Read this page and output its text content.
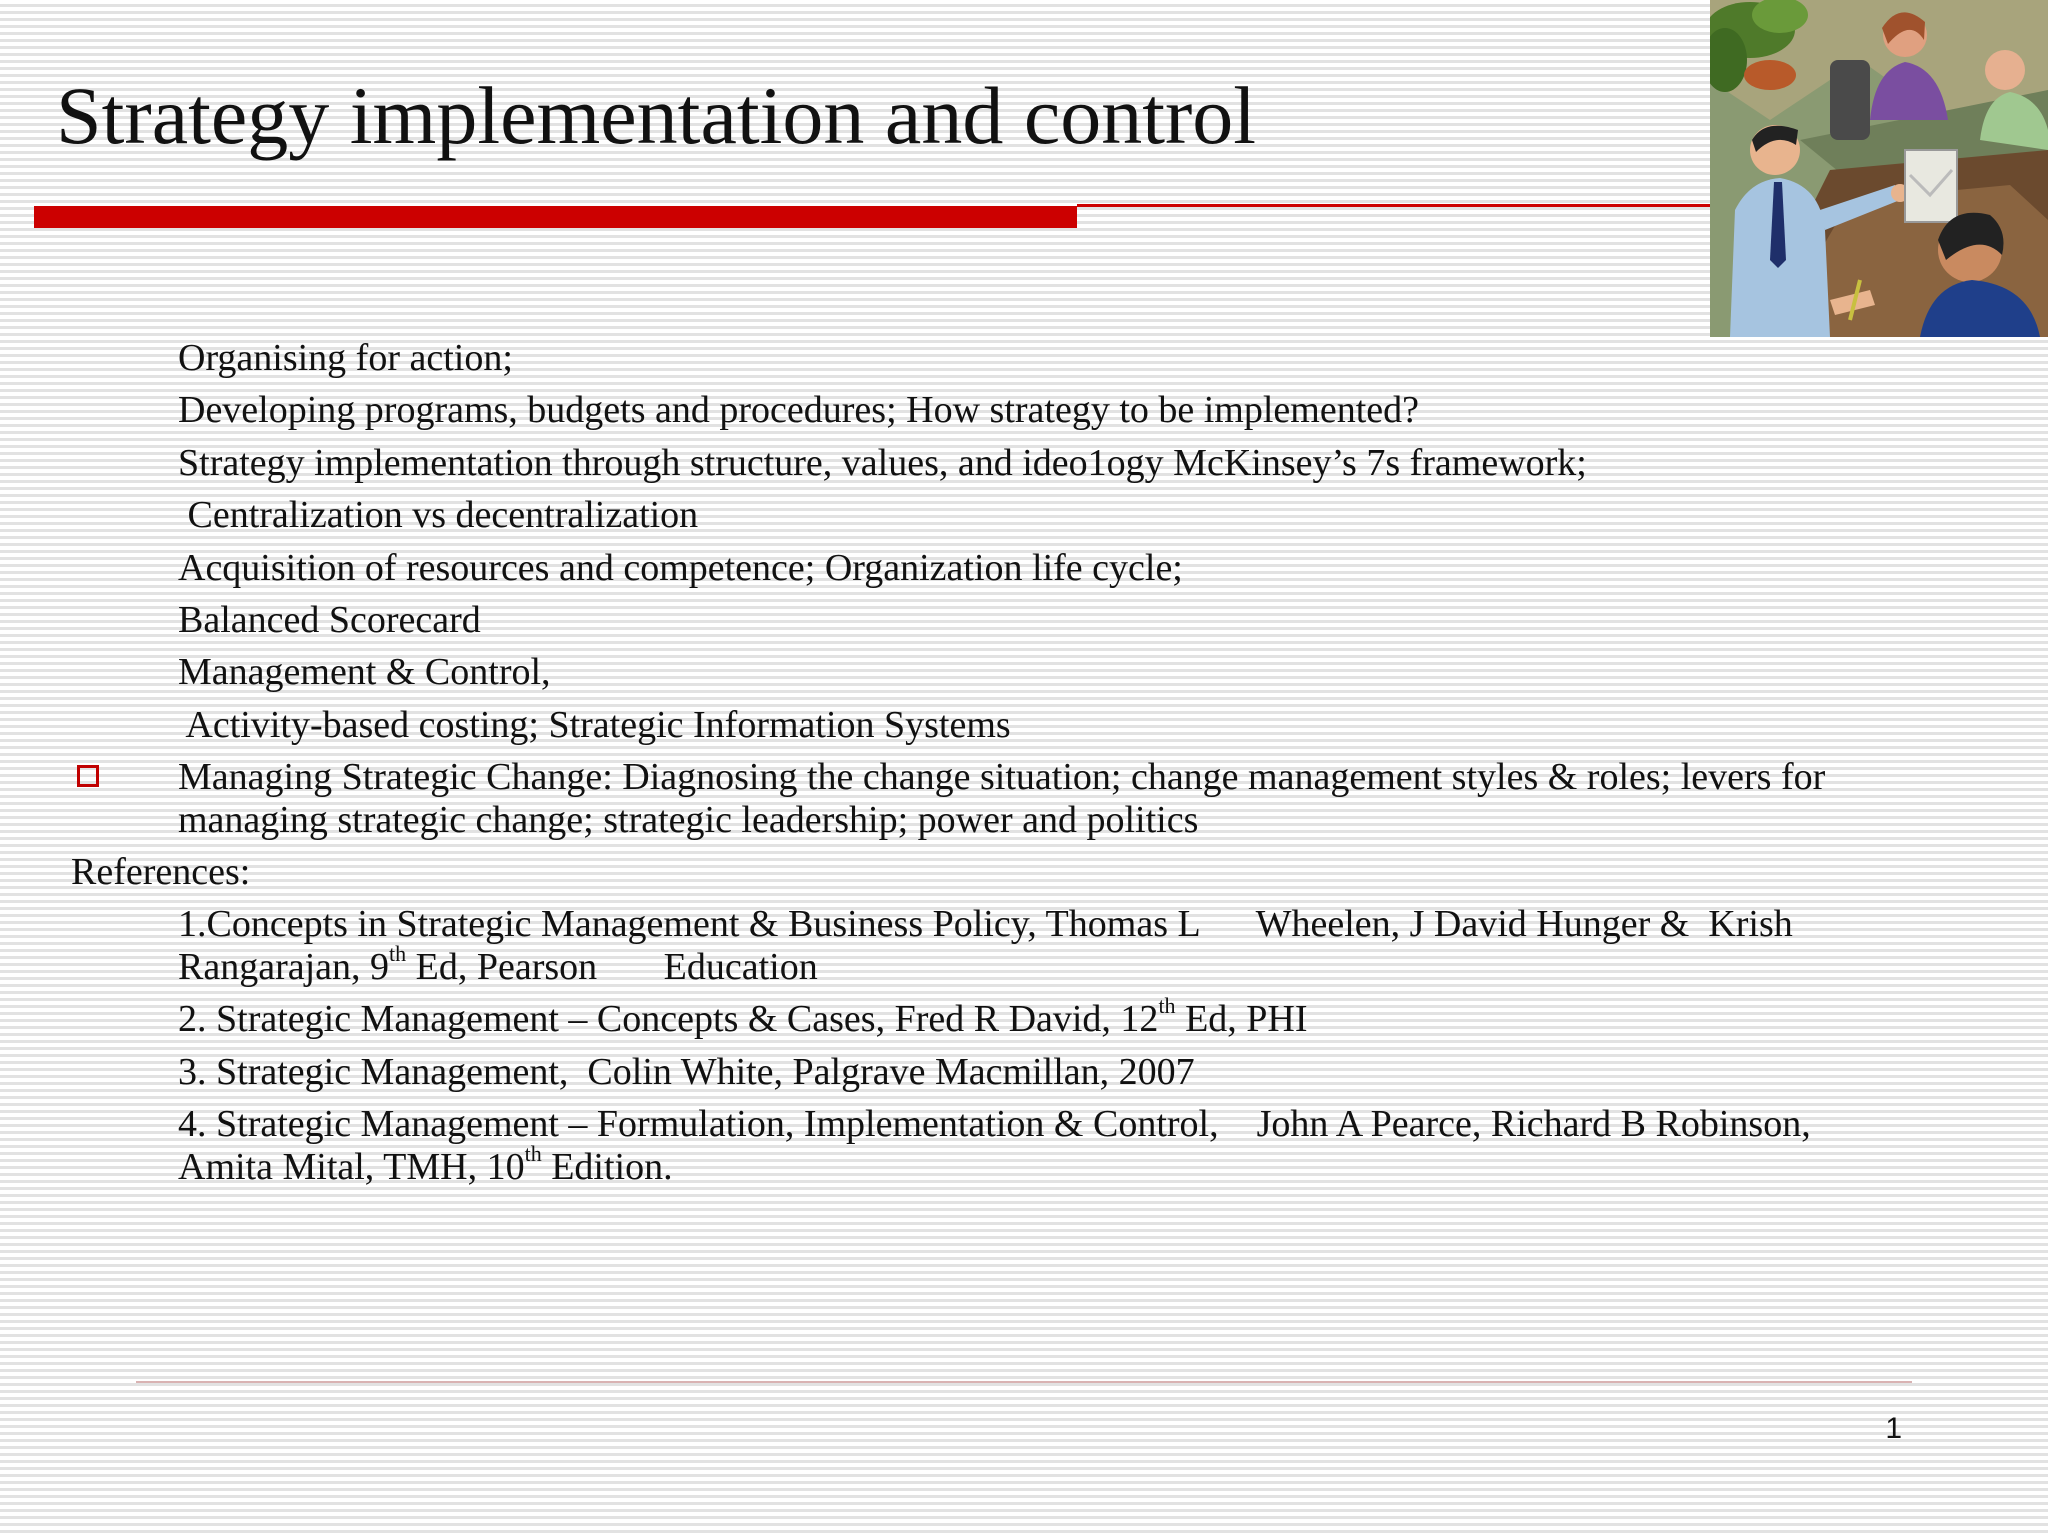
Strategy implementation and control
Organising for action;
Developing programs, budgets and procedures; How strategy to be implemented?
Strategy implementation through structure, values, and ideo1ogy McKinsey’s 7s framework;
Centralization vs decentralization
Acquisition of resources and competence; Organization life cycle;
Balanced Scorecard
Management & Control,
Activity-based costing; Strategic Information Systems
Managing Strategic Change: Diagnosing the change situation; change management styles & roles; levers for managing strategic change; strategic leadership; power and politics
References:
1.Concepts in Strategic Management & Business Policy, Thomas L      Wheelen, J David Hunger &  Krish
Rangarajan, 9th Ed, Pearson       Education
2. Strategic Management – Concepts & Cases, Fred R David, 12th Ed, PHI
3. Strategic Management,  Colin White, Palgrave Macmillan, 2007
4. Strategic Management – Formulation, Implementation & Control,    John A Pearce, Richard B Robinson,
Amita Mital, TMH, 10th Edition.
1
